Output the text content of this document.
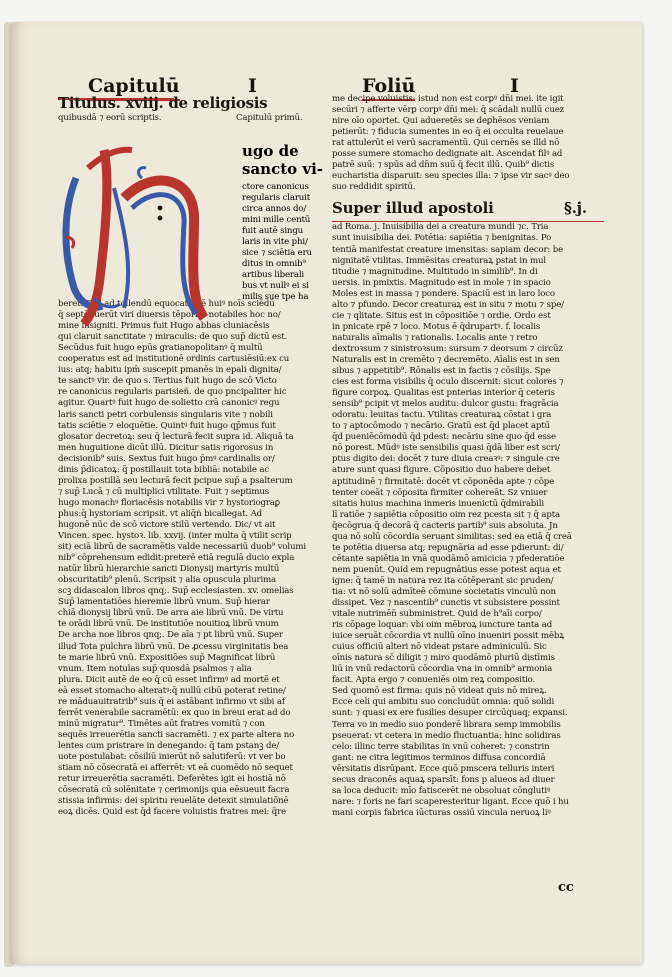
Capitulū	I	Foliū	I
Titulus. xviij. de religiosis
quibusdā ⁊ eorū scriptis.	Capitulū primū.
beret. Sed ad tollendū equocationē huiꝰ noīs sciēdū
q̄ septē fuerūt viri diuersis tēporib⁹ notabiles hoc no/
mine insigniti. Primus fuit Hugo abbas cluniacēsis
qui claruit sanctitate ⁊ miraculis: de quo sup̄ dictū est.
Secūdus fuit hugo epūs gratianopolitanꝰ q̄ multū
cooperatus est ad institutionē ordinis cartusiēsiū:ex cu
ius: atq; habitu ipm̄ suscepit pmanēs in epali dignita/
te sanctꝰ vir. de quo s. Tertius fuit hugo de scō Victo
re canonicus regularis parisieñ. de quo pncipaliter hic
agitur. Quartꝰ fuit hugo de solietto crā canonicꝰ regu
laris sancti petri corbulensis singularis vite ⁊ nobili
tatis sciētie ⁊ eloquētie. Quintꝰ fuit hugo qp̄mus fuit
glosator decretoꝝ: seu q̄ lecturā fecit supra id. Aliquā ta
men huguitione dicūt illū. Dicitur satis rigorosus in
decisionib⁹ suis. Sextus fuit hugo p̄mꝰ cardinalis or/
dinis p̄dicatoꝝ: q̄ postillauit tota bibliā: notabile ac
prolixa postillā seu lecturā fecit pcipue sup̄ a psalterum
⁊ sup̄ Lucā ⁊ cū multiplici vtilitate. Fuit ⁊ septimus
hugo monachꝰ floriacēsis notabilis vir ⁊ hystoriograꝑ
phus:q̄ hystoriam scripsit. vt̄ aliq̄ṅ bicallegat. Ad
hugonē nūc de scō victore stilū vertendo. Dic/ vt ait
Vincen. spec. hystoꝛ. lib. xxvij. (inter multa q̄ vtilit̄ scrip
sit) eciā librū de sacramētis valde necessariū duob⁹ volumi
nib⁹ cōprehensum edidit:preterē etiā regulā ducio expla
natūr librū hierarchie sancti Dionysij martyris multū
obscuritatib⁹ plenū. Scripsit ⁊ alia opuscula plurima
scꝫ didascalon libros qnq;. Sup̄ ecclesiasten. xv. omelias
Sup̄ lamentatiōes hieremie librū vnum. Sup̄ hierar
chiā dionysij librū vnū. De arra aie librū vnū. De virtu
te orādi librū vnū. De institutiōe nouitioꝝ librū vnum
De archa noe libros qnq;. De aīa ⁊ pt̄ librū vnū. Super
illud Tota pulchra librū vnū. De ꝓcessu virginitatis bea
te marie librū vnū. Expositiōes sup̄ Magnificat librū
vnum. Item notulas sup̄ quosdā psalmos ⁊ alia
plura. Dicit autē de eo q̄ cū esset infirmꝰ ad mortē et
eā esset stomacho alteratꝰ:q̄ nullū cibū poterat retine/
re māduauitratrib⁹ suis q̄ ei astābant infirmo vt sibi af
ferrēt venerabile sacramētū: ex quo in breui erat ad do
minū migratur⁹. Timētes aūt fratres vomitū ⁊ con
sequēs irreuerētia sancti sacramēti. ⁊ ex parte altera no
lentes cum pristrare in denegando: q̄ tam pstanꝫ de/
uote postulabat: cōsiliū inierūt nō salutiferū: vt ver bo
stiam nō cōsecratā ei afferrēt: vt eā cuomēdo nō sequet
retur irreuerētia sacramēti. Deferētes igit̄ ei hostiā nō
cōsecratā cū solēnitate ⁊ cerimonijs qua eēsueuit facra
stissia infirmis: dei spiritu reuelāte detexit simulatiōnē
eoꝝ dicēs. Quid est q̄d facere voluistis fratres mei: q̄re
ugo de
sancto vi-
ctore canonicus
regularis claruit
circa annos do/
mini mille centū
fuit autē singu
laris in vite phi/
sice ⁊ sciētia eru
ditus in omnib⁹
artibus liberali
bus vt nullꝰ ei si
milis sue tpe ha
me decipe voluistis: istud non est corꝑꝰ dn̄i mei. ite igit̄
secūri ⁊ afferte vērꝑ corpꝰ dn̄i mei: q̄ scādali nullū cuez
nire oīo oportet. Qui adueretēs se deꝑhēsos veniam
petierūt: ⁊ fiducia sumentes in eo q̄ ei occulta reuelaue
rat attulerūt ei verū sacramentū. Qui cernēs se illd nō
posse sumere stomacho dedignate ait. Ascendat filꝰ ad
patrē suū: ⁊ spūs ad dn̄m suū q̄ fecit illū. Quib⁹ dictis
eucharistia disparuit: seu species illa: ⁊ ipse vir sacꝰ deo
suo reddidit spiritū.
Super illud apostoli	§.j.
ad Roma. j. Inuisibilia dei a creatura mundi ⁊c. Tria
sunt inuisibilia dei. Potētia: sapiētia ⁊ benignitas. Po
tentiā manifestat creature imensitas: sapiam decor: be
nignitatē vtilitas. Immēsitas creaturaꝝ pstat in mul
titudie ⁊ magnitudine. Multitudo in similib⁹. In di
uersis. in pmixtis. Magnitudo est in mole ⁊ in spacio
Moles est in massa ⁊ pondere. Spaciū est in laro loco
alto ⁊ pfundo. Decor creaturaꝝ est in situ ⁊ motu ⁊ spe/
cie ⁊ qlitate. Situs est in cōpositiōe ⁊ ordie. Ordo est
in pnicate rpē ⁊ loco. Motus ē q̄drupartꝰ. f. localis
naturalis aīmalis ⁊ rationalis. Localis ante ⁊ retro
dextroꝛsum ⁊ sinistroꝛsum: sursum ⁊ deorsum ⁊ circūz
Naturalis est in cremēto ⁊ decremēto. Aīalis est in sen
sibus ⁊ appetitib⁹. Rōnalis est in factis ⁊ cōsilijs. Spe
cies est forma visibilis q̄ oculo discernit: sicut colores ⁊
figure corpoꝝ. Qualitas est pnterias interior q̄ ceteris
sensib⁹ pcipit vt melos auditu: dulcor gustu: fragrācia
odoratu: leuitas tactu. Vtilitas creaturaꝝ cōstat i gra
to ⁊ aptocōmodo ⁊ necārio. Gratū est q̄d placet aptū
q̄d pueniēcōmodū q̄d pdest: necāriu sine quo q̄d esse
nō porest. Mūdꝰ iste sensibilis quasi q̄dā liber est scri/
ptus digito dei: docēt ⁊ ture diuia creaꝛꝰ: ⁊ singule cre
ature sunt quasi figure. Cōpositio duo habere debet
aptitudinē ⁊ firmitatē: docēt vt cōponēda apte ⁊ cōpe
tenter coeāt ⁊ cōposita firmiter cohereāt. Sz vniuer
sitatis huius machina inmeris inuenictū q̄dmirabili
lī ratiōe ⁊ sapiētia cōpositio oim rez pcesta sit ⁊ q̄ apta
q̄ecōgrua q̄ decorā q̄ cacteris partib⁹ suis absoluta. Jn
qua nō solū cōcordia seruant similitas: sed ea etiā q̄ creā
te potētia diuersa atq; repugnāria ad esse pdierunt: di/
cētante sapiētia in vnā quodāmō amicicia ⁊ pfederatiōe
nem puenūt. Quid em repugnātius esse potest aqua et
igne: q̄ tamē in natura rez ita cōtēperant sic pruden/
tia: vt nō solū admīteē cōmune societatis vinculū non
dissipet. Vez ⁊ nascentib⁹ cunctis vt subsistere possint
vitale nutrimēn̄ subministret. Quid de h⁹aīi corpo/
ris cōpage loquar: vbi oim mēbroꝝ iuncture tanta ad
iuice seruāt cōcordia vt nullū oīno inueniri possit mēbꝝ
cuius officiū alteri nō videat pstare adminiculū. Sic
oīnis natura sc̄ diligit ⁊ miro quodāmō pluriū distīmis
liū in vnū redactorū cōcordia vna in omnib⁹ armonia
facit. Apta ergo ⁊ conueniēs oim reꝝ compositio.
Sed quomō est firma: quis nō videat quis nō mireꝝ.
Ecce celi qui ambitu suo concludūt omnia: quō solidi
sunt: ⁊ quasi ex ere fusilies desuper circūquaq; expansi.
Terra vo in medio suo ponderē librara semp immobilis
pseuerat: vt cetera in medio fluctuantia: hinc solidiras
celo: illinc terre stabilitas in vnū coheret: ⁊ constrin
gant: ne citra legitimos terminos diffusa concordiā
vērsitatis disrūpant. Ecce quō pmscera telluris interi
secus draconēs aquaꝝ sparsīt: fons p alueos ad diuer
sa loca deducit: mīo fatiscerēt ne obsoluat cōnglutiꝰ
nare: ⁊ foris ne fari scaperesteritur ligant. Ecce quō i hu
mani corpis fabrica iūcturas ossiū vincula neruoꝝ liꝰ
cc
